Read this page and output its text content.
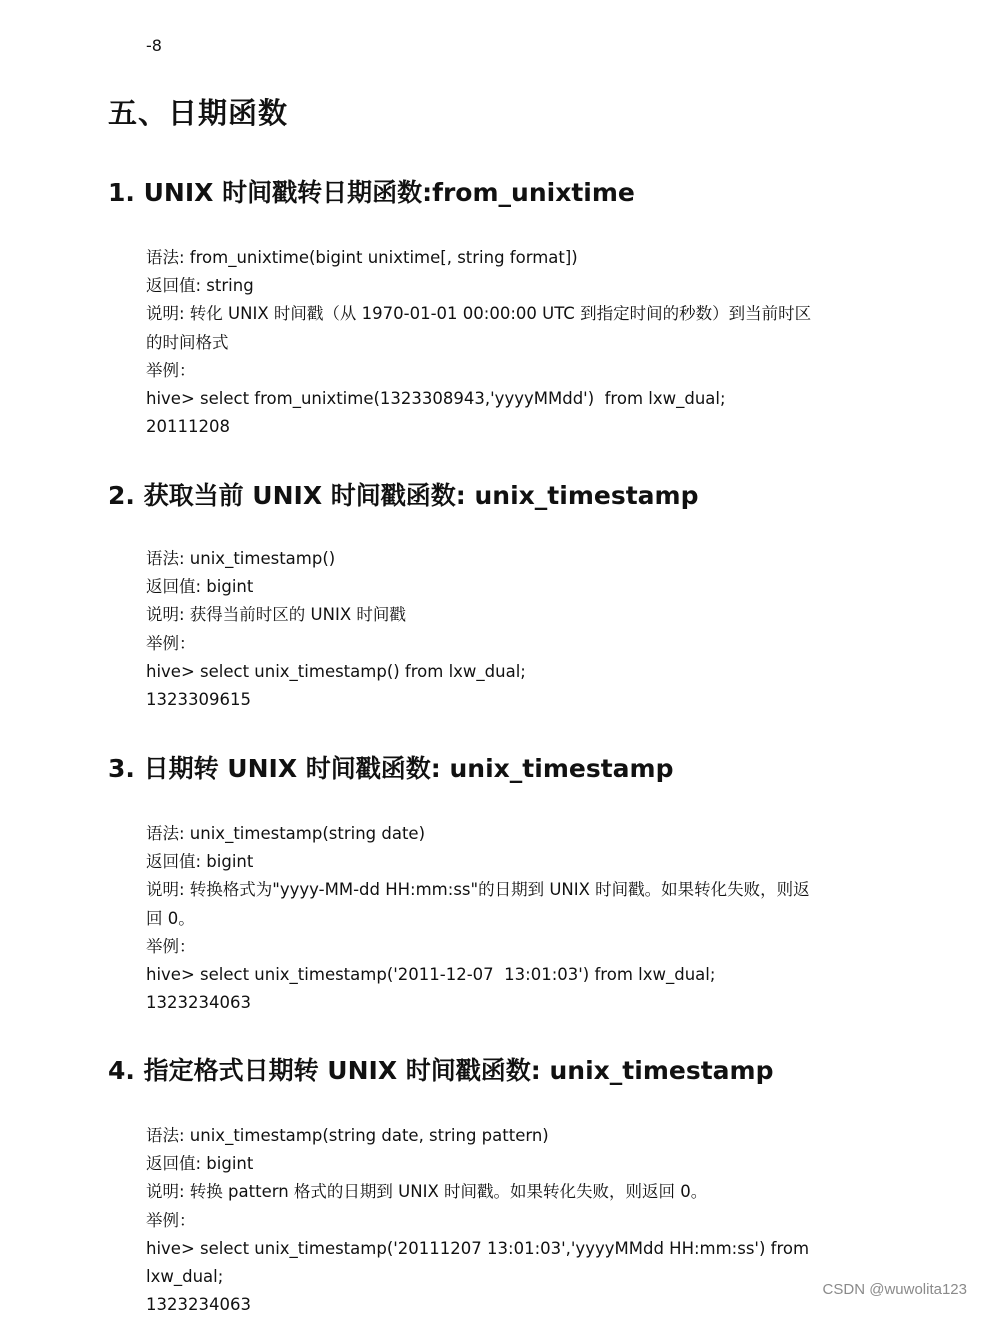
-8
五、日期函数
1. UNIX 时间戳转日期函数:from_unixtime
语法: from_unixtime(bigint unixtime[, string format])
返回值: string
说明: 转化 UNIX 时间戳（从 1970-01-01 00:00:00 UTC 到指定时间的秒数）到当前时区
的时间格式
举例：
hive> select from_unixtime(1323308943,'yyyyMMdd')  from lxw_dual;
20111208
2. 获取当前 UNIX 时间戳函数: unix_timestamp
语法: unix_timestamp()
返回值: bigint
说明: 获得当前时区的 UNIX 时间戳
举例：
hive> select unix_timestamp() from lxw_dual;
1323309615
3. 日期转 UNIX 时间戳函数: unix_timestamp
语法: unix_timestamp(string date)
返回值: bigint
说明: 转换格式为"yyyy-MM-dd HH:mm:ss"的日期到 UNIX 时间戳。如果转化失败，则返
回 0。
举例：
hive> select unix_timestamp('2011-12-07  13:01:03') from lxw_dual;
1323234063
4. 指定格式日期转 UNIX 时间戳函数: unix_timestamp
语法: unix_timestamp(string date, string pattern)
返回值: bigint
说明: 转换 pattern 格式的日期到 UNIX 时间戳。如果转化失败，则返回 0。
举例：
hive> select unix_timestamp('20111207 13:01:03','yyyyMMdd HH:mm:ss') from lxw_dual;
1323234063
CSDN @wuwolita123
